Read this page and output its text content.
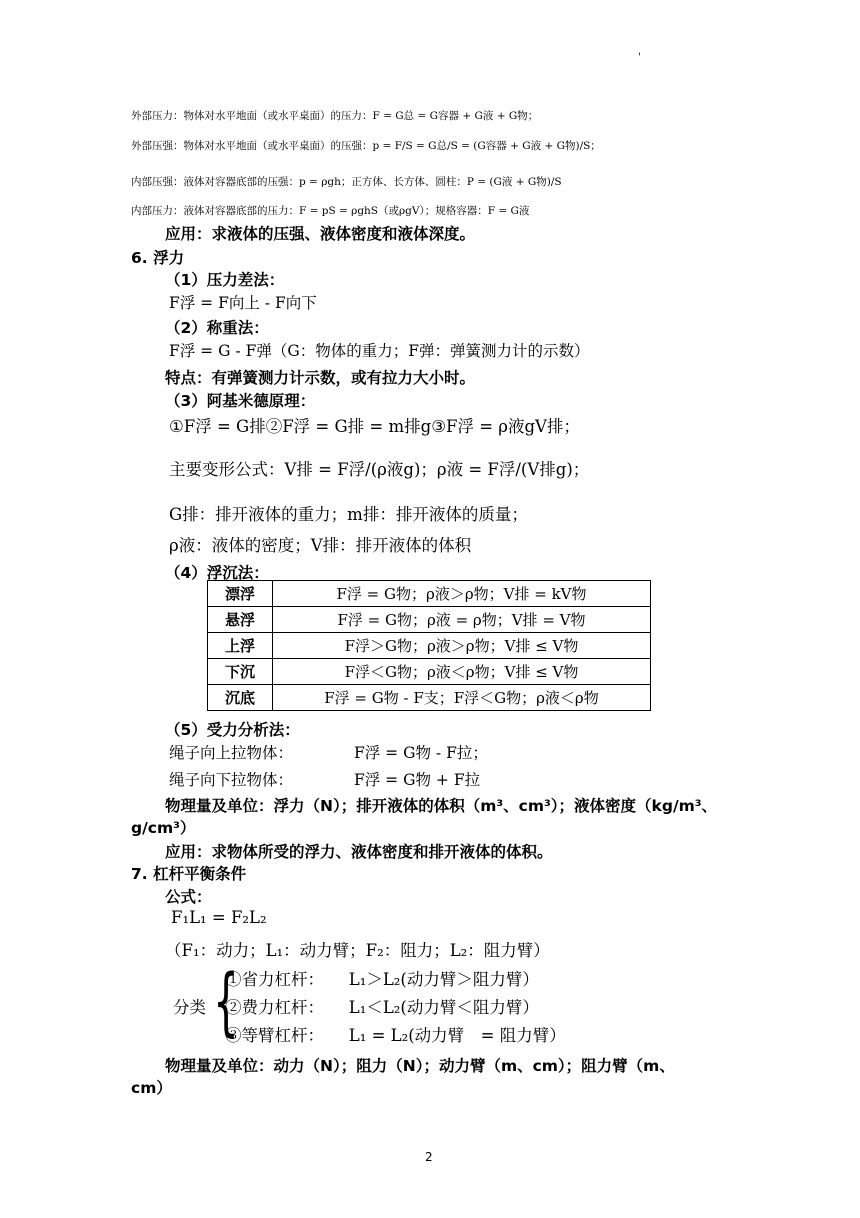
'
外部压力：物体对水平地面（或水平桌面）的压力：F = G总 = G容器 + G液 + G物；
外部压强：物体对水平地面（或水平桌面）的压强：p = F/S = G总/S = (G容器 + G液 + G物)/S；
内部压强：液体对容器底部的压强：p = ρgh；正方体、长方体、圆柱：P = (G液 + G物)/S
内部压力：液体对容器底部的压力：F = pS = ρghS（或ρgV）；规格容器：F = G液
应用：求液体的压强、液体密度和液体深度。
6. 浮力
（1）压力差法：
F浮 = F向上 - F向下
（2）称重法：
F浮 = G - F弹（G：物体的重力；F弹：弹簧测力计的示数）
特点：有弹簧测力计示数，或有拉力大小时。
（3）阿基米德原理：
①F浮 = G排②F浮 = G排 = m排g③F浮 = ρ液gV排；
主要变形公式：V排 = F浮/(ρ液g)；ρ液 = F浮/(V排g)；
G排：排开液体的重力；m排：排开液体的质量；
ρ液：液体的密度；V排：排开液体的体积
（4）浮沉法：
漂浮	F浮 = G物；ρ液＞ρ物；V排 = kV物
悬浮	F浮 = G物；ρ液 = ρ物；V排 = V物
上浮	F浮＞G物；ρ液＞ρ物；V排 ≤ V物
下沉	F浮＜G物；ρ液＜ρ物；V排 ≤ V物
沉底	F浮 = G物 - F支；F浮＜G物；ρ液＜ρ物
（5）受力分析法：
绳子向上拉物体：	F浮 = G物 - F拉；
绳子向下拉物体：	F浮 = G物 + F拉
物理量及单位：浮力（N）；排开液体的体积（m³、cm³）；液体密度（kg/m³、
g/cm³）
应用：求物体所受的浮力、液体密度和排开液体的体积。
7. 杠杆平衡条件
公式：
F₁L₁ = F₂L₂
（F₁：动力；L₁：动力臂；F₂：阻力；L₂：阻力臂）
分类 {
①省力杠杆：　　L₁＞L₂(动力臂＞阻力臂）
②费力杠杆：　　L₁＜L₂(动力臂＜阻力臂）
③等臂杠杆：　　L₁ = L₂(动力臂　= 阻力臂）
物理量及单位：动力（N）；阻力（N）；动力臂（m、cm）；阻力臂（m、
cm）
2
